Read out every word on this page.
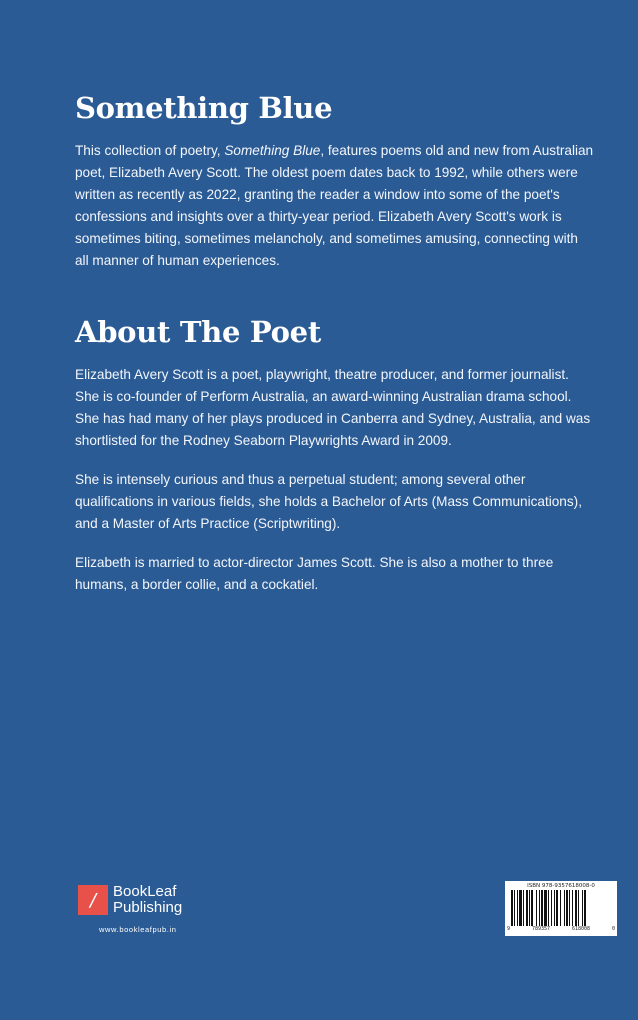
Something Blue

This collection of poetry, Something Blue, features poems old and new from Australian poet, Elizabeth Avery Scott. The oldest poem dates back to 1992, while others were written as recently as 2022, granting the reader a window into some of the poet's confessions and insights over a thirty-year period. Elizabeth Avery Scott's work is sometimes biting, sometimes melancholy, and sometimes amusing, connecting with all manner of human experiences.

About The Poet

Elizabeth Avery Scott is a poet, playwright, theatre producer, and former journalist. She is co-founder of Perform Australia, an award-winning Australian drama school. She has had many of her plays produced in Canberra and Sydney, Australia, and was shortlisted for the Rodney Seaborn Playwrights Award in 2009.

She is intensely curious and thus a perpetual student; among several other qualifications in various fields, she holds a Bachelor of Arts (Mass Communications), and a Master of Arts Practice (Scriptwriting).

Elizabeth is married to actor-director James Scott. She is also a mother to three humans, a border collie, and a cockatiel.

/ BookLeaf
Publishing
www.bookleafpub.in
ISBN 978-9357618008-0
9	789357	618008	0
